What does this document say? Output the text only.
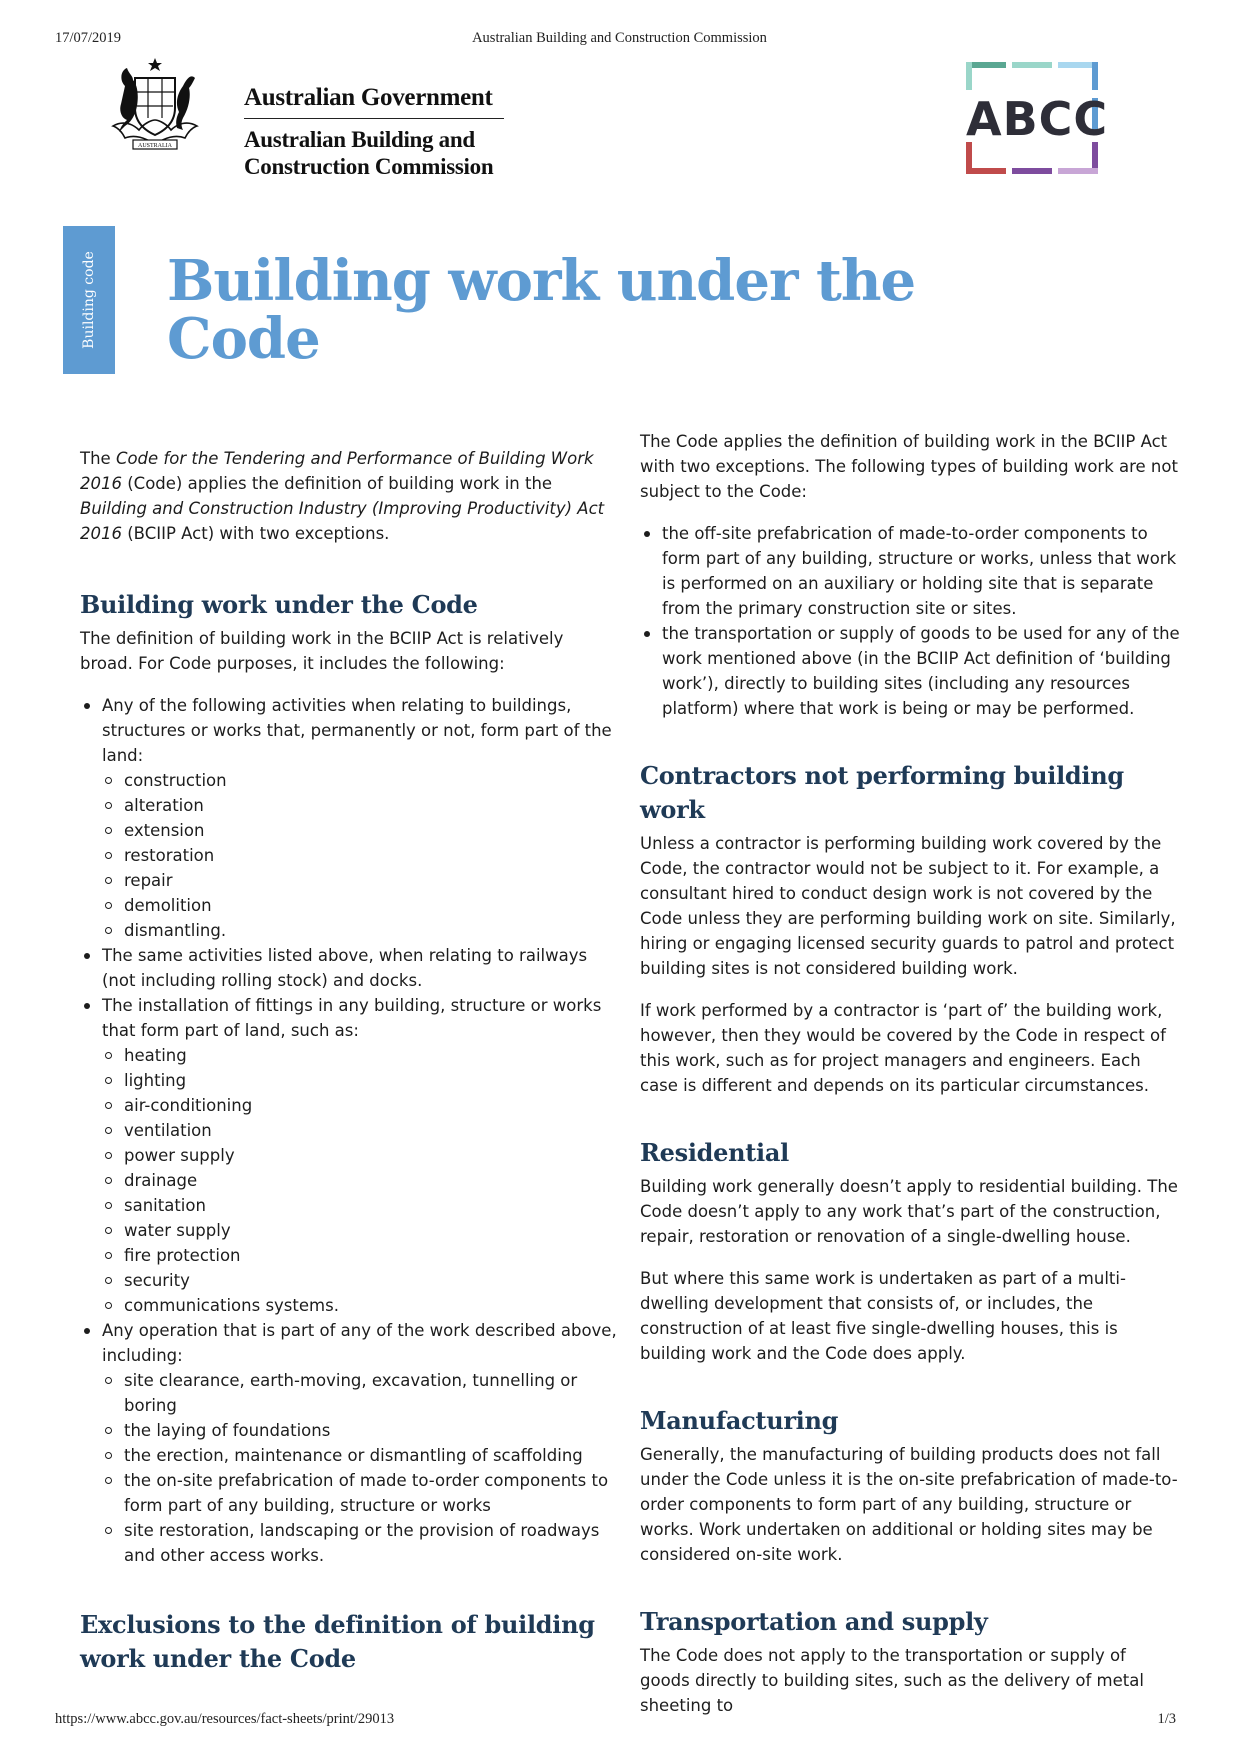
17/07/2019	Australian Building and Construction Commission
https://www.abcc.gov.au/resources/fact-sheets/print/29013	1/3
AUSTRALIA
Australian Government
Australian Building and
Construction Commission
ABCC
Building code Building work under the Code

The Code for the Tendering and Performance of Building Work 2016 (Code) applies the definition of building work in the Building and Construction Industry (Improving Productivity) Act 2016 (BCIIP Act) with two exceptions.

Building work under the Code

The definition of building work in the BCIIP Act is relatively broad. For Code purposes, it includes the following:

Any of the following activities when relating to buildings, structures or works that, permanently or not, form part of the land:
construction
alteration
extension
restoration
repair
demolition
dismantling.
The same activities listed above, when relating to railways (not including rolling stock) and docks.
The installation of fittings in any building, structure or works that form part of land, such as:
heating
lighting
air-conditioning
ventilation
power supply
drainage
sanitation
water supply
fire protection
security
communications systems.
Any operation that is part of any of the work described above, including:
site clearance, earth-moving, excavation, tunnelling or boring
the laying of foundations
the erection, maintenance or dismantling of scaffolding
the on-site prefabrication of made to-order components to form part of any building, structure or works
site restoration, landscaping or the provision of roadways and other access works.
Exclusions to the definition of building work under the Code

The Code applies the definition of building work in the BCIIP Act with two exceptions. The following types of building work are not subject to the Code:

the off-site prefabrication of made-to-order components to form part of any building, structure or works, unless that work is performed on an auxiliary or holding site that is separate from the primary construction site or sites.
the transportation or supply of goods to be used for any of the work mentioned above (in the BCIIP Act definition of ‘building work’), directly to building sites (including any resources platform) where that work is being or may be performed.
Contractors not performing building work

Unless a contractor is performing building work covered by the Code, the contractor would not be subject to it. For example, a consultant hired to conduct design work is not covered by the Code unless they are performing building work on site. Similarly, hiring or engaging licensed security guards to patrol and protect building sites is not considered building work.

If work performed by a contractor is ‘part of’ the building work, however, then they would be covered by the Code in respect of this work, such as for project managers and engineers. Each case is different and depends on its particular circumstances.

Residential

Building work generally doesn’t apply to residential building. The Code doesn’t apply to any work that’s part of the construction, repair, restoration or renovation of a single-dwelling house.

But where this same work is undertaken as part of a multi-dwelling development that consists of, or includes, the construction of at least five single-dwelling houses, this is building work and the Code does apply.

Manufacturing

Generally, the manufacturing of building products does not fall under the Code unless it is the on-site prefabrication of made-to-order components to form part of any building, structure or works. Work undertaken on additional or holding sites may be considered on-site work.

Transportation and supply

The Code does not apply to the transportation or supply of goods directly to building sites, such as the delivery of metal sheeting to
